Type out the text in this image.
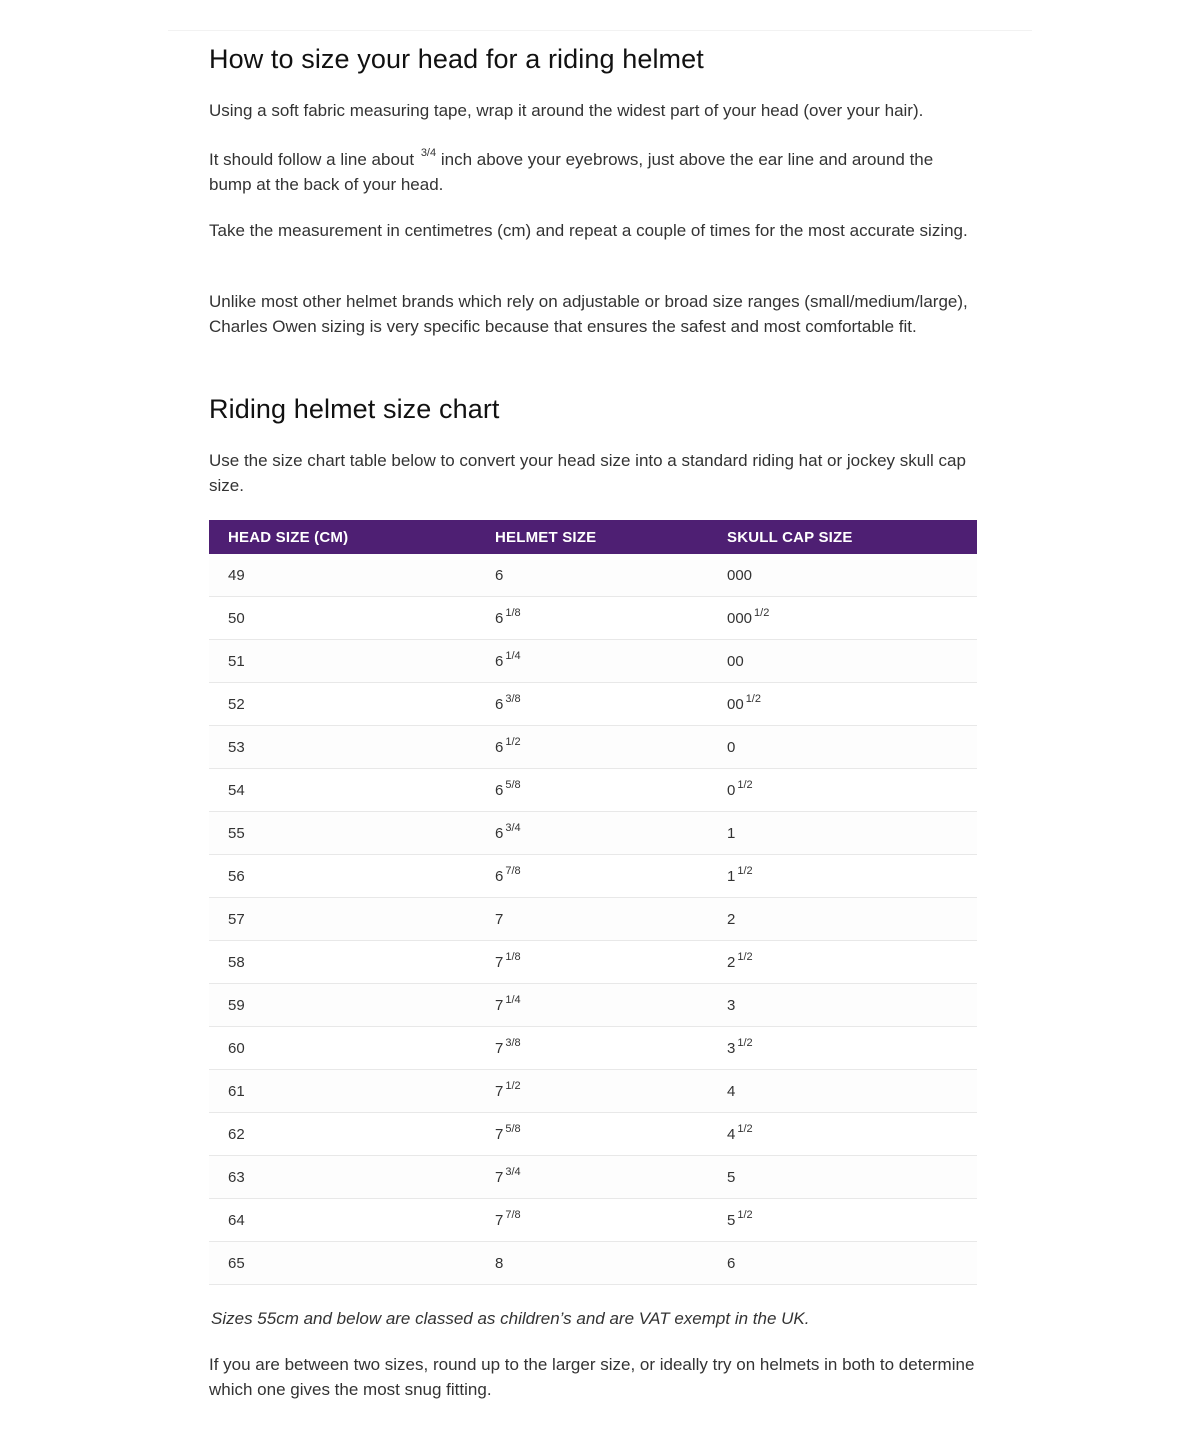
How to size your head for a riding helmet

Using a soft fabric measuring tape, wrap it around the widest part of your head (over your hair).

It should follow a line about $^{3/4}$ inch above your eyebrows, just above the ear line and around the bump at the back of your head.

Take the measurement in centimetres (cm) and repeat a couple of times for the most accurate sizing.

Unlike most other helmet brands which rely on adjustable or broad size ranges (small/medium/large), Charles Owen sizing is very specific because that ensures the safest and most comfortable fit.

Riding helmet size chart

Use the size chart table below to convert your head size into a standard riding hat or jockey skull cap size.

HEAD SIZE (CM)	HELMET SIZE	SKULL CAP SIZE
49	6	000
50	6 $^{1/8}$	000 $^{1/2}$
51	6 $^{1/4}$	00
52	6 $^{3/8}$	00 $^{1/2}$
53	6 $^{1/2}$	0
54	6 $^{5/8}$	0 $^{1/2}$
55	6 $^{3/4}$	1
56	6 $^{7/8}$	1 $^{1/2}$
57	7	2
58	7 $^{1/8}$	2 $^{1/2}$
59	7 $^{1/4}$	3
60	7 $^{3/8}$	3 $^{1/2}$
61	7 $^{1/2}$	4
62	7 $^{5/8}$	4 $^{1/2}$
63	7 $^{3/4}$	5
64	7 $^{7/8}$	5 $^{1/2}$
65	8	6

Sizes 55cm and below are classed as children’s and are VAT exempt in the UK.

If you are between two sizes, round up to the larger size, or ideally try on helmets in both to determine which one gives the most snug fitting.
